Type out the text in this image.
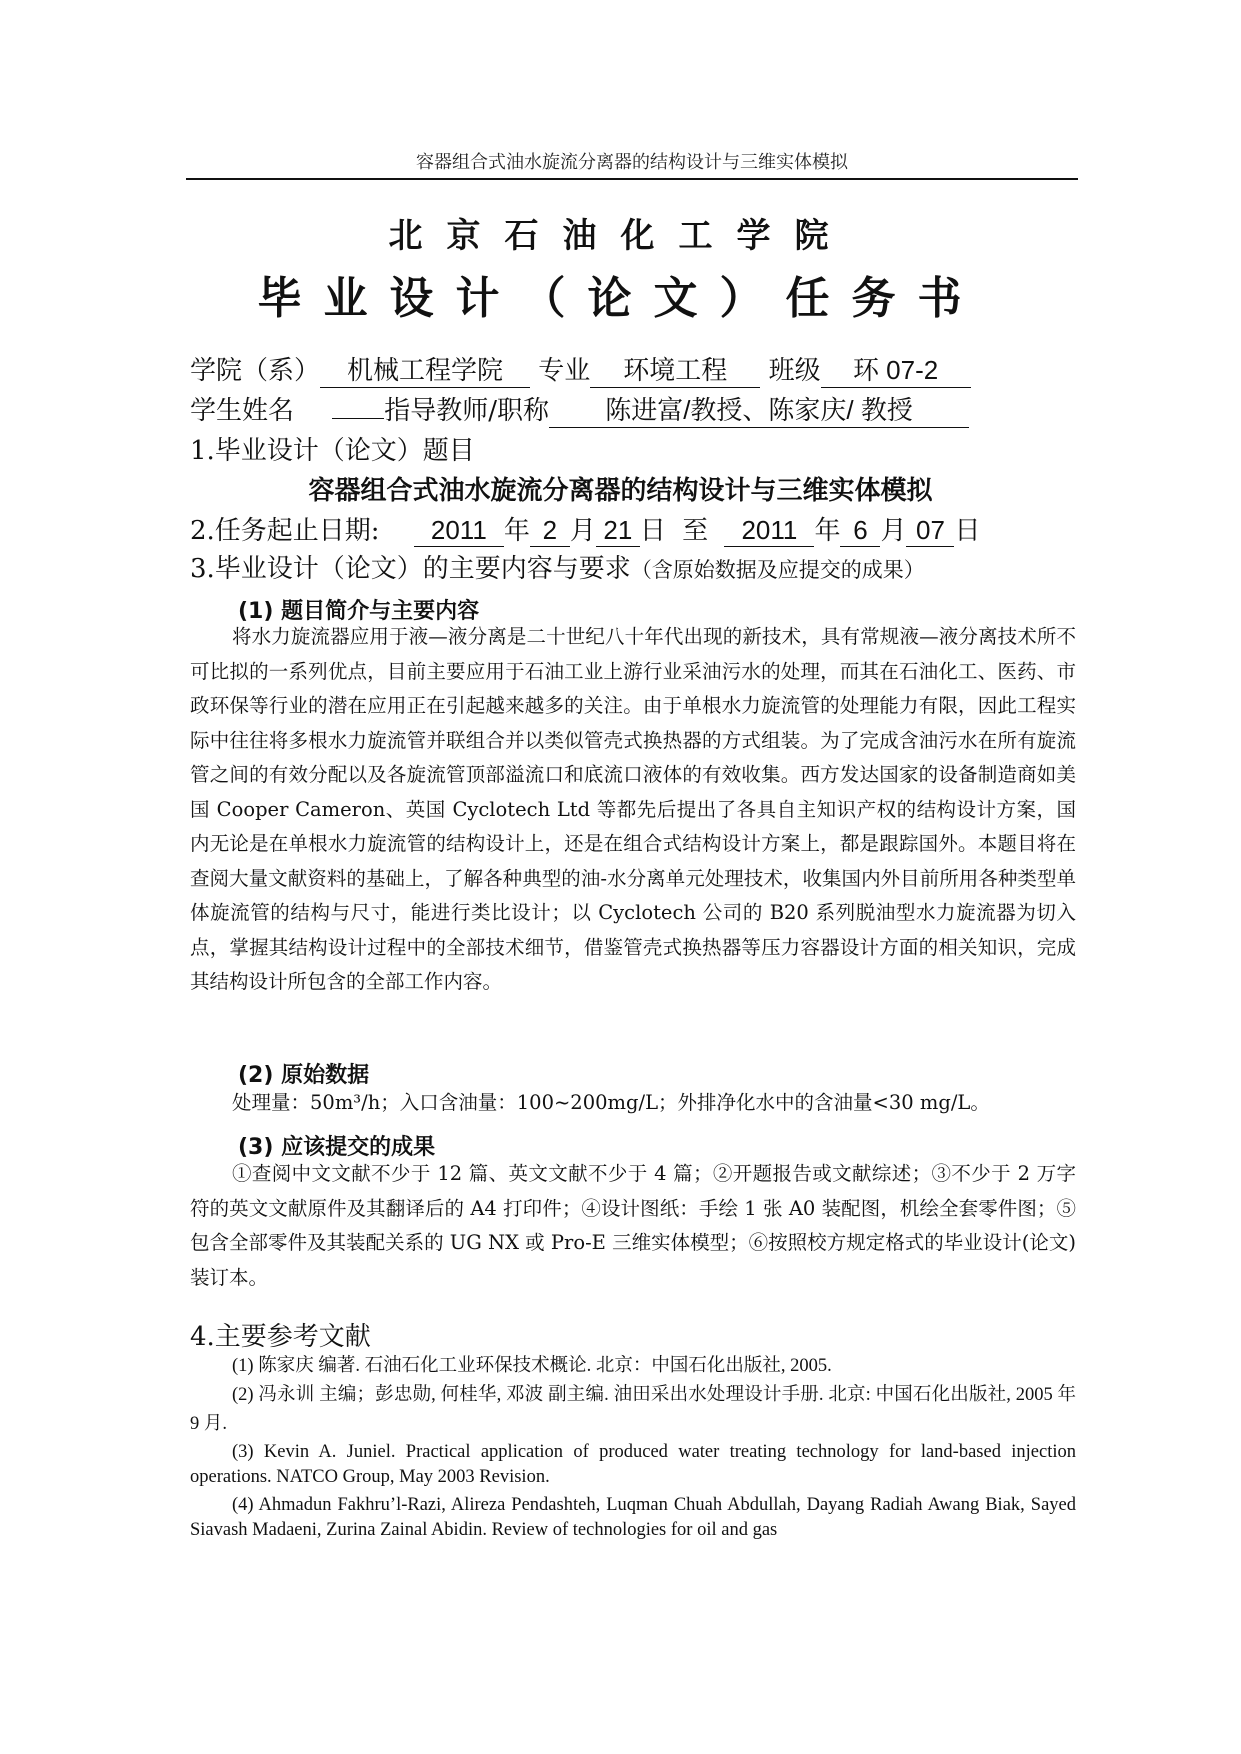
容器组合式油水旋流分离器的结构设计与三维实体模拟
北京石油化工学院
毕业设计（论文）任务书
学院（系） 机械工程学院 专业 环境工程 班级 环 07-2
学生姓名	指导教师/职称 陈进富/教授、陈家庆/ 教授
1.毕业设计（论文）题目
容器组合式油水旋流分离器的结构设计与三维实体模拟
2.任务起止日期: 2011 年 2 月 21 日 至 2011 年 6 月 07 日
3.毕业设计（论文）的主要内容与要求（含原始数据及应提交的成果）
(1) 题目简介与主要内容
将水力旋流器应用于液—液分离是二十世纪八十年代出现的新技术，具有常规液—液分离技术所不可比拟的一系列优点，目前主要应用于石油工业上游行业采油污水的处理，而其在石油化工、医药、市政环保等行业的潜在应用正在引起越来越多的关注。由于单根水力旋流管的处理能力有限，因此工程实际中往往将多根水力旋流管并联组合并以类似管壳式换热器的方式组装。为了完成含油污水在所有旋流管之间的有效分配以及各旋流管顶部溢流口和底流口液体的有效收集。西方发达国家的设备制造商如美国 Cooper Cameron、英国 Cyclotech Ltd 等都先后提出了各具自主知识产权的结构设计方案，国内无论是在单根水力旋流管的结构设计上，还是在组合式结构设计方案上，都是跟踪国外。本题目将在查阅大量文献资料的基础上，了解各种典型的油-水分离单元处理技术，收集国内外目前所用各种类型单体旋流管的结构与尺寸，能进行类比设计；以 Cyclotech 公司的 B20 系列脱油型水力旋流器为切入点，掌握其结构设计过程中的全部技术细节，借鉴管壳式换热器等压力容器设计方面的相关知识，完成其结构设计所包含的全部工作内容。
(2) 原始数据
处理量：50m³/h；入口含油量：100~200mg/L；外排净化水中的含油量<30 mg/L。
(3) 应该提交的成果
①查阅中文文献不少于 12 篇、英文文献不少于 4 篇；②开题报告或文献综述；③不少于 2 万字符的英文文献原件及其翻译后的 A4 打印件；④设计图纸：手绘 1 张 A0 装配图，机绘全套零件图；⑤包含全部零件及其装配关系的 UG NX 或 Pro-E 三维实体模型；⑥按照校方规定格式的毕业设计(论文)装订本。
4.主要参考文献
(1) 陈家庆 编著. 石油石化工业环保技术概论. 北京：中国石化出版社, 2005.
(2) 冯永训 主编；彭忠勋, 何桂华, 邓波 副主编. 油田采出水处理设计手册. 北京: 中国石化出版社, 2005 年 9 月.
(3) Kevin A. Juniel. Practical application of produced water treating technology for land-based injection operations. NATCO Group, May 2003 Revision.
(4) Ahmadun Fakhru’l-Razi, Alireza Pendashteh, Luqman Chuah Abdullah, Dayang Radiah Awang Biak, Sayed Siavash Madaeni, Zurina Zainal Abidin. Review of technologies for oil and gas
